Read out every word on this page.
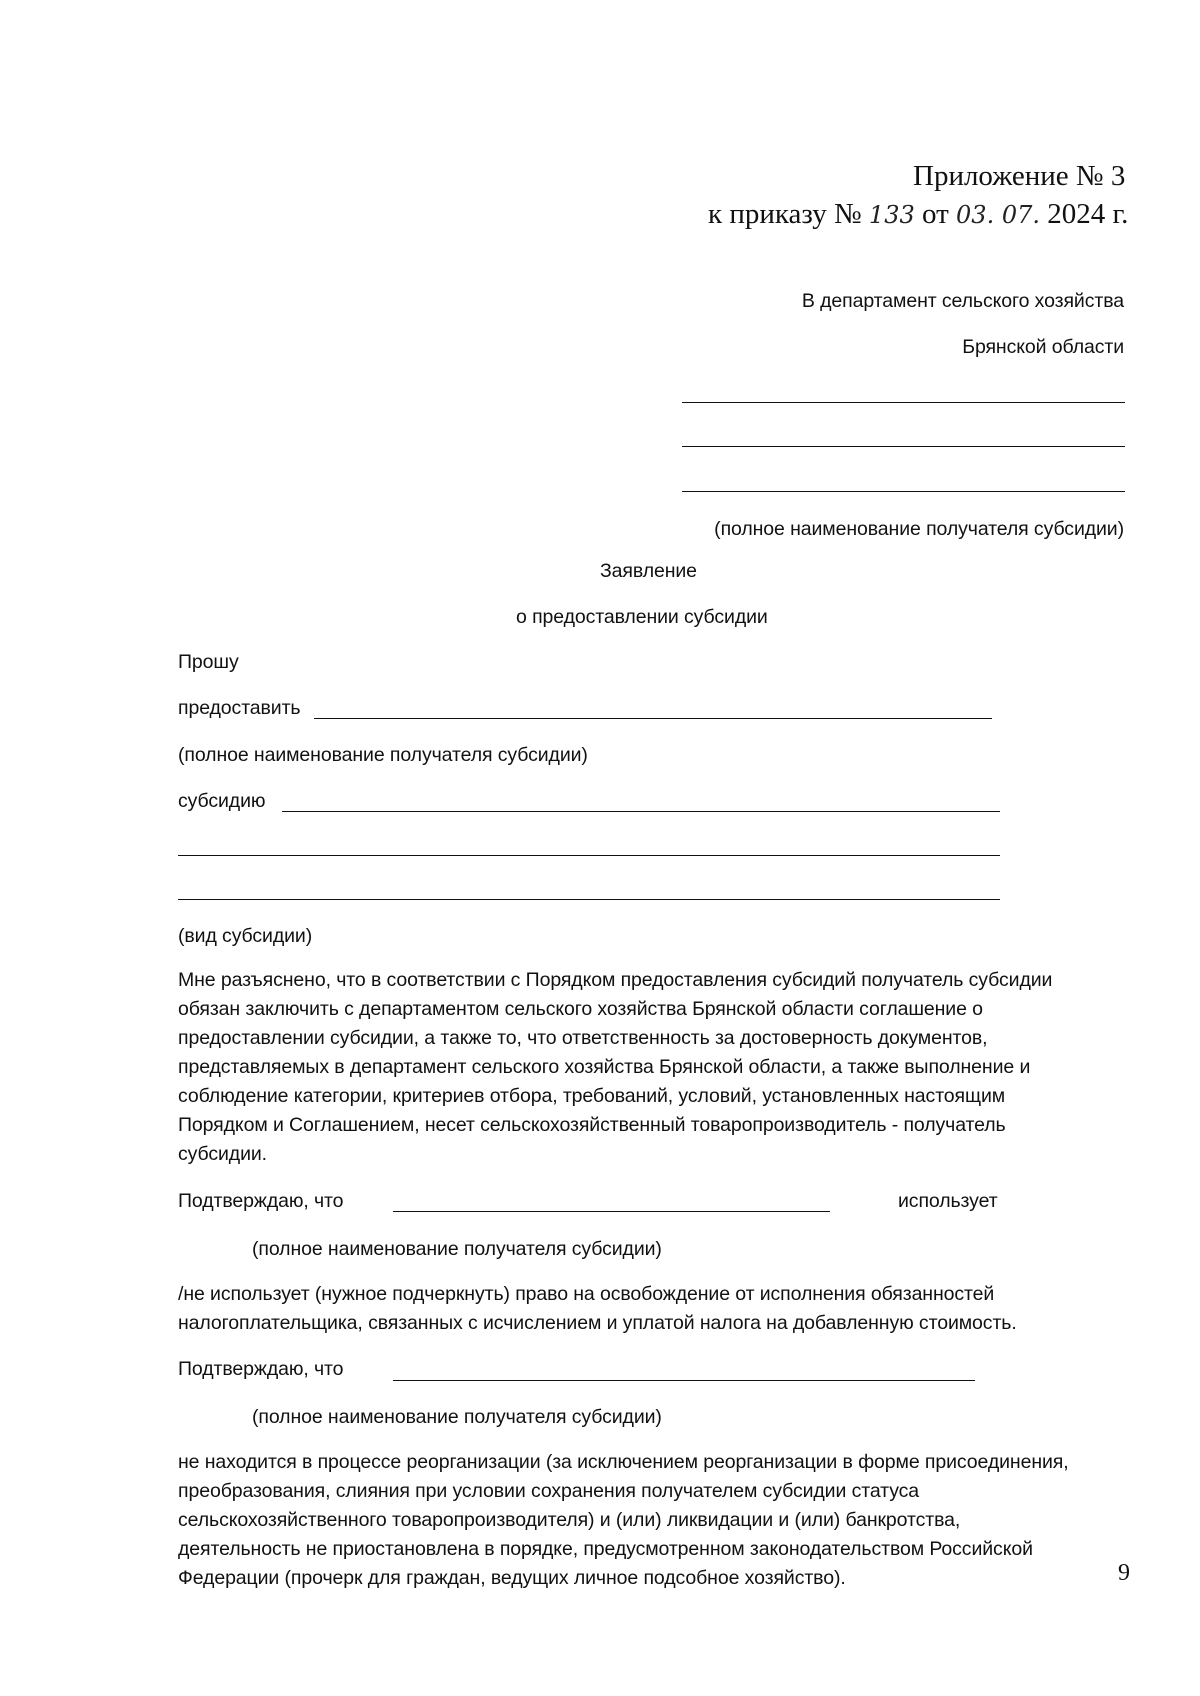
Приложение № 3
к приказу № 133 от 03. 07. 2024 г.
В департамент сельского хозяйства
Брянской области
(полное наименование получателя субсидии)
Заявление
о предоставлении субсидии
Прошу
предоставить
(полное наименование получателя субсидии)
субсидию
(вид субсидии)
Мне разъяснено, что в соответствии с Порядком предоставления субсидий получатель субсидии
обязан заключить с департаментом сельского хозяйства Брянской области соглашение о
предоставлении субсидии, а также то, что ответственность за достоверность документов,
представляемых в департамент сельского хозяйства Брянской области, а также выполнение и
соблюдение категории, критериев отбора, требований, условий, установленных настоящим
Порядком и Соглашением, несет сельскохозяйственный товаропроизводитель - получатель
субсидии.
Подтверждаю, что	использует
(полное наименование получателя субсидии)
/не использует (нужное подчеркнуть) право на освобождение от исполнения обязанностей
налогоплательщика, связанных с исчислением и уплатой налога на добавленную стоимость.
Подтверждаю, что
(полное наименование получателя субсидии)
не находится в процессе реорганизации (за исключением реорганизации в форме присоединения,
преобразования, слияния при условии сохранения получателем субсидии статуса
сельскохозяйственного товаропроизводителя) и (или) ликвидации и (или) банкротства,
деятельность не приостановлена в порядке, предусмотренном законодательством Российской
Федерации (прочерк для граждан, ведущих личное подсобное хозяйство).	9
